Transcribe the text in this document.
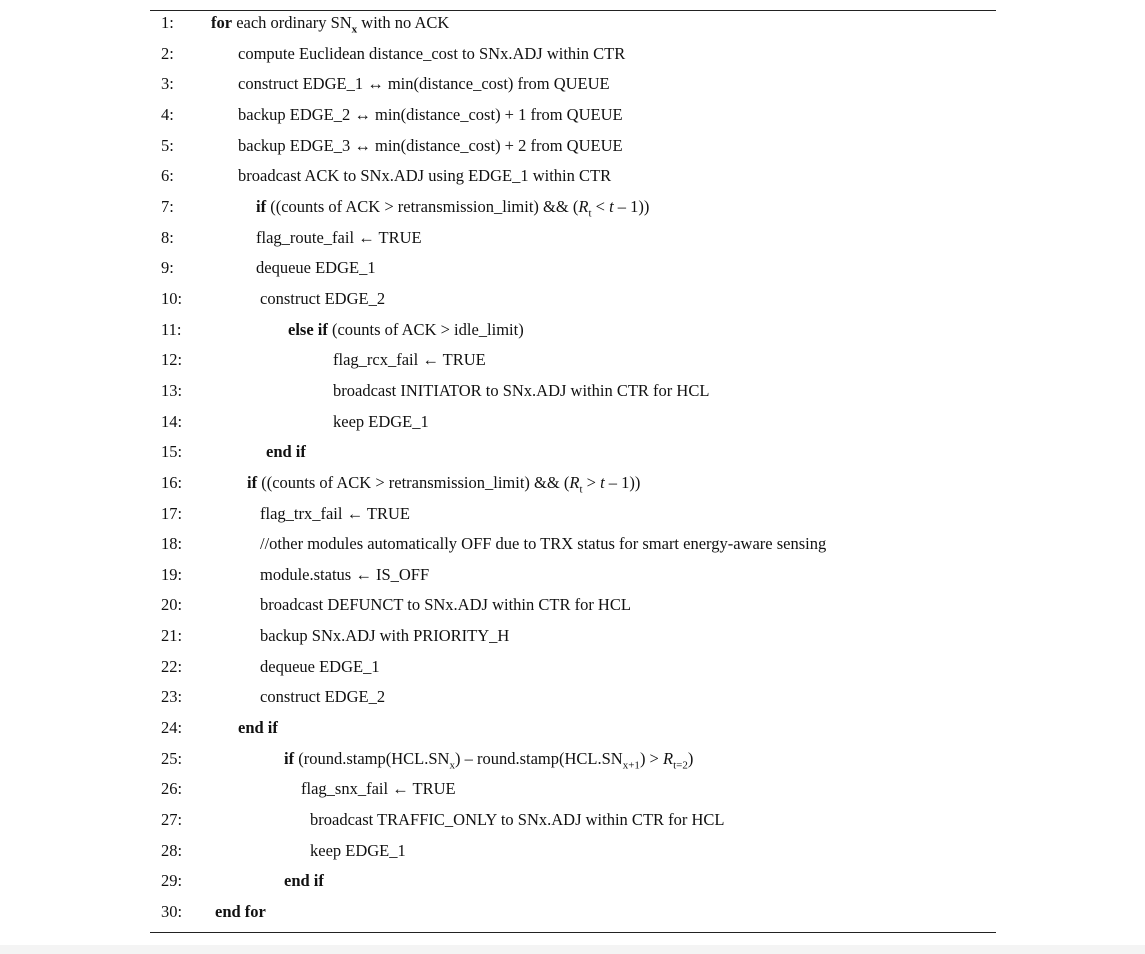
1: for each ordinary $SN_x$ with no ACK
2:	compute Euclidean distance_cost to SNx.ADJ within CTR
3:	construct EDGE_1 ↔ min(distance_cost) from QUEUE
4:	backup EDGE_2 ↔ min(distance_cost) + 1 from QUEUE
5:	backup EDGE_3 ↔ min(distance_cost) + 2 from QUEUE
6:	broadcast ACK to SNx.ADJ using EDGE_1 within CTR
7:	if ((counts of ACK > retransmission_limit) && $(R_t < t - 1)$)
8:	flag_route_fail ← TRUE
9:	dequeue EDGE_1
10:	construct EDGE_2
11:	else if (counts of ACK > idle_limit)
12:	flag_rcx_fail ← TRUE
13:	broadcast INITIATOR to SNx.ADJ within CTR for HCL
14:	keep EDGE_1
15:	end if
16:	if ((counts of ACK > retransmission_limit) && $(R_t > t - 1)$)
17:	flag_trx_fail ← TRUE
18:	//other modules automatically OFF due to TRX status for smart energy-aware sensing
19:	module.status ← IS_OFF
20:	broadcast DEFUNCT to SNx.ADJ within CTR for HCL
21:	backup SNx.ADJ with PRIORITY_H
22:	dequeue EDGE_1
23:	construct EDGE_2
24:	end if
25:	if ($round.stamp(HCL.SN_x)$ – $round.stamp(HCL.SN_{x+1}) > R_{t=2}$)
26:	flag_snx_fail ← TRUE
27:	broadcast TRAFFIC_ONLY to SNx.ADJ within CTR for HCL
28:	keep EDGE_1
29:	end if
30: end for
